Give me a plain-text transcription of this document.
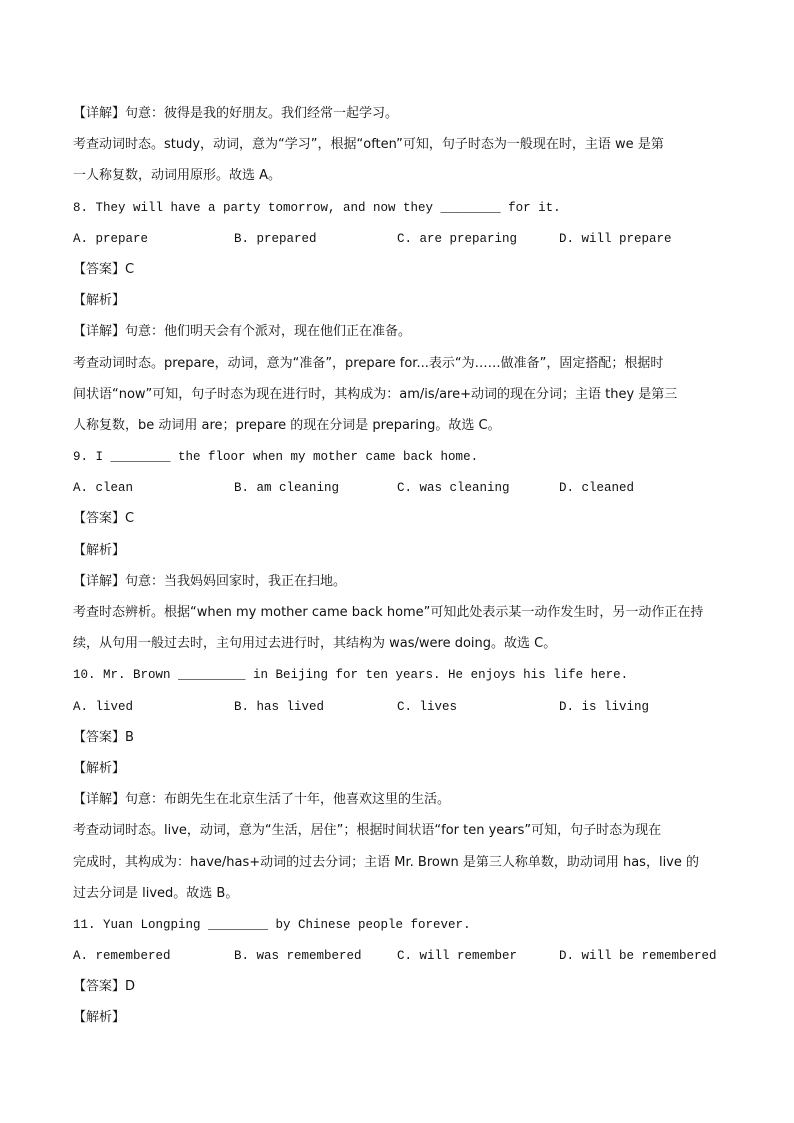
【详解】句意：彼得是我的好朋友。我们经常一起学习。
考查动词时态。study，动词，意为“学习”，根据“often”可知，句子时态为一般现在时，主语 we 是第
一人称复数，动词用原形。故选 A。
8. They will have a party tomorrow, and now they ________ for it.
A. prepare	B. prepared	C. are preparing	D. will prepare
【答案】C
【解析】
【详解】句意：他们明天会有个派对，现在他们正在准备。
考查动词时态。prepare，动词，意为“准备”，prepare for...表示“为……做准备”，固定搭配；根据时
间状语“now”可知，句子时态为现在进行时，其构成为：am/is/are+动词的现在分词；主语 they 是第三
人称复数，be 动词用 are；prepare 的现在分词是 preparing。故选 C。
9. I ________ the floor when my mother came back home.
A. clean	B. am cleaning	C. was cleaning	D. cleaned
【答案】C
【解析】
【详解】句意：当我妈妈回家时，我正在扫地。
考查时态辨析。根据“when my mother came back home”可知此处表示某一动作发生时，另一动作正在持
续，从句用一般过去时，主句用过去进行时，其结构为 was/were doing。故选 C。
10. Mr. Brown _________ in Beijing for ten years. He enjoys his life here.
A. lived	B. has lived	C. lives	D. is living
【答案】B
【解析】
【详解】句意：布朗先生在北京生活了十年，他喜欢这里的生活。
考查动词时态。live，动词，意为“生活，居住”；根据时间状语“for ten years”可知，句子时态为现在
完成时，其构成为：have/has+动词的过去分词；主语 Mr. Brown 是第三人称单数，助动词用 has，live 的
过去分词是 lived。故选 B。
11. Yuan Longping ________ by Chinese people forever.
A. remembered	B. was remembered	C. will remember	D. will be remembered
【答案】D
【解析】
